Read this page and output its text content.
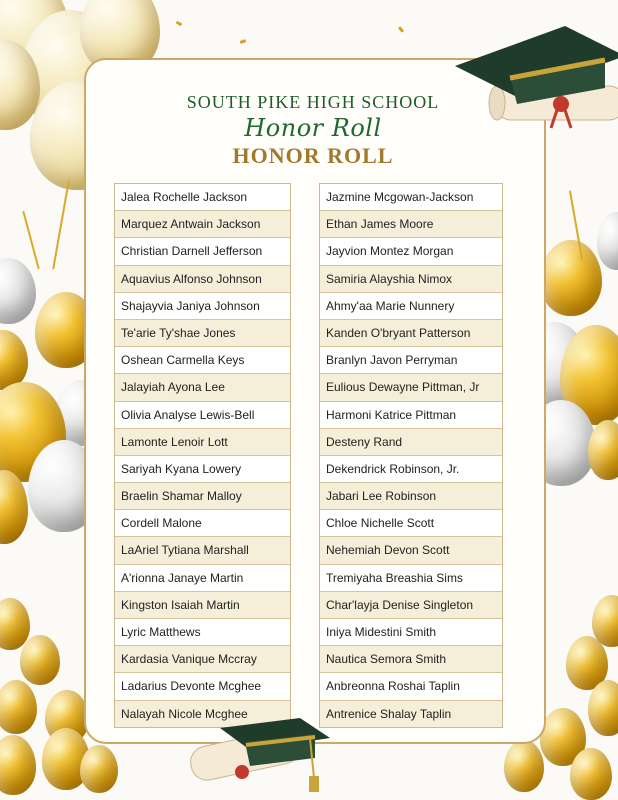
SOUTH PIKE HIGH SCHOOL
Honor Roll
HONOR ROLL
Jalea Rochelle Jackson
Marquez Antwain Jackson
Christian Darnell Jefferson
Aquavius Alfonso Johnson
Shajayvia Janiya Johnson
Te'arie Ty'shae Jones
Oshean Carmella Keys
Jalayiah Ayona Lee
Olivia Analyse Lewis-Bell
Lamonte Lenoir Lott
Sariyah Kyana Lowery
Braelin Shamar Malloy
Cordell Malone
LaAriel Tytiana Marshall
A'rionna Janaye Martin
Kingston Isaiah Martin
Lyric Matthews
Kardasia Vanique Mccray
Ladarius Devonte Mcghee
Nalayah Nicole Mcghee
Jazmine Mcgowan-Jackson
Ethan James Moore
Jayvion Montez Morgan
Samiria Alayshia Nimox
Ahmy'aa Marie Nunnery
Kanden O'bryant Patterson
Branlyn Javon Perryman
Eulious Dewayne Pittman, Jr
Harmoni Katrice Pittman
Desteny Rand
Dekendrick Robinson, Jr.
Jabari Lee Robinson
Chloe Nichelle Scott
Nehemiah Devon Scott
Tremiyaha Breashia Sims
Char'layja Denise Singleton
Iniya Midestini Smith
Nautica Semora Smith
Anbreonna Roshai Taplin
Antrenice Shalay Taplin
